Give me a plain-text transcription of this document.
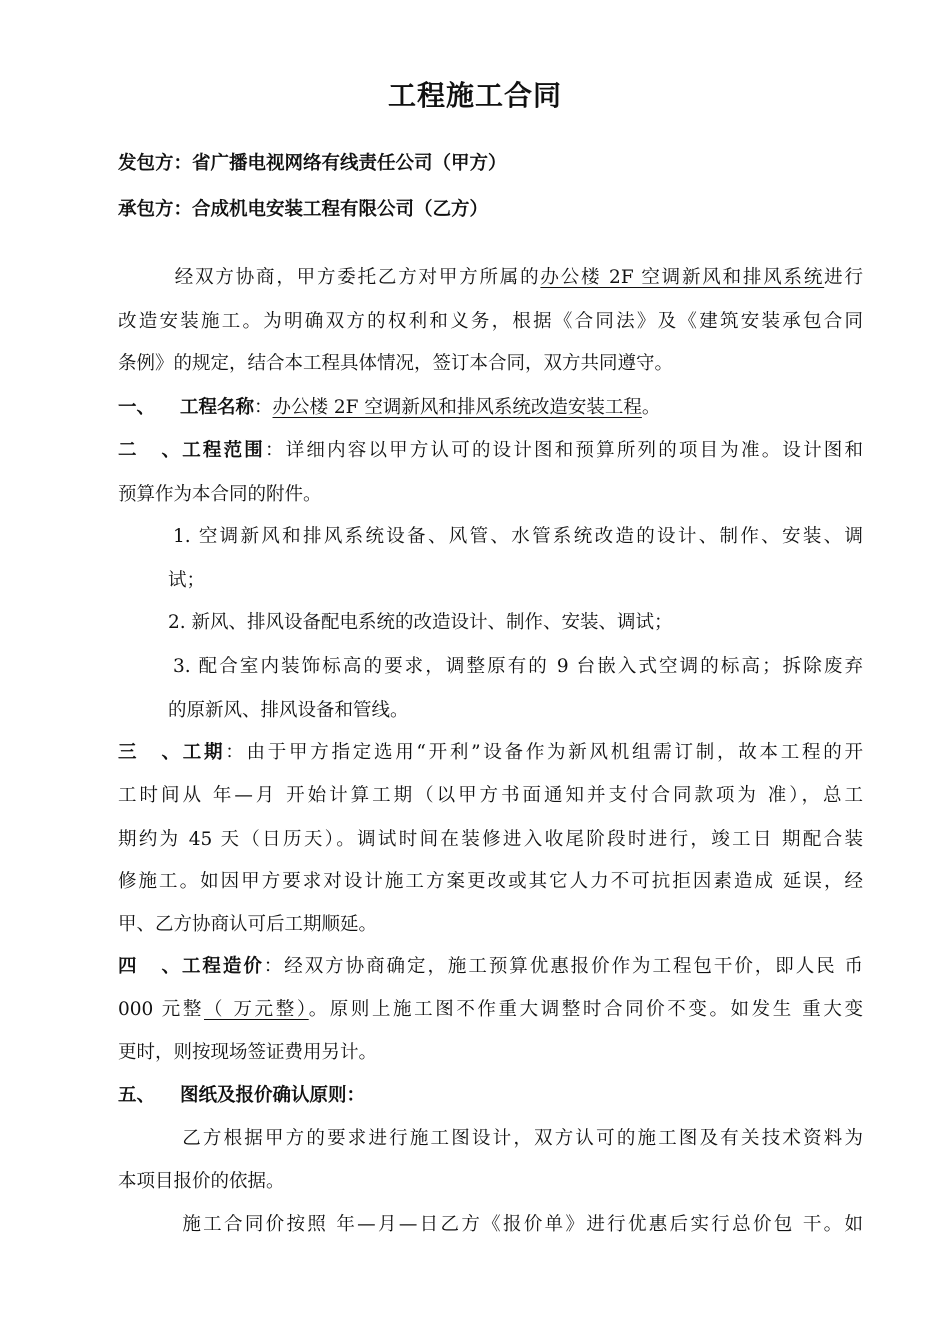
工程施工合同
发包方：省广播电视网络有线责任公司（甲方）
承包方：合成机电安装工程有限公司（乙方）
经双方协商，甲方委托乙方对甲方所属的办公楼 2F 空调新风和排风系统进行
改造安装施工。为明确双方的权利和义务，根据《合同法》及《建筑安装承包合同
条例》的规定，结合本工程具体情况，签订本合同，双方共同遵守。
一、 工程名称：办公楼 2F 空调新风和排风系统改造安装工程。
二、工程范围：详细内容以甲方认可的设计图和预算所列的项目为准。设计图和
预算作为本合同的附件。
1. 空调新风和排风系统设备、风管、水管系统改造的设计、制作、安装、调
试；
2. 新风、排风设备配电系统的改造设计、制作、安装、调试；
3. 配合室内装饰标高的要求，调整原有的 9 台嵌入式空调的标高；拆除废弃
的原新风、排风设备和管线。
三、工期：由于甲方指定选用“开利”设备作为新风机组需订制，故本工程的开
工时间从 年—月 开始计算工期（以甲方书面通知并支付合同款项为 准），总工
期约为 45 天（日历天）。调试时间在装修进入收尾阶段时进行，竣工日 期配合装
修施工。如因甲方要求对设计施工方案更改或其它人力不可抗拒因素造成 延误，经
甲、乙方协商认可后工期顺延。
四、工程造价：经双方协商确定，施工预算优惠报价作为工程包干价，即人民 币
000 元整（ 万元整）。原则上施工图不作重大调整时合同价不变。如发生 重大变
更时，则按现场签证费用另计。
五、 图纸及报价确认原则：
乙方根据甲方的要求进行施工图设计，双方认可的施工图及有关技术资料为
本项目报价的依据。
施工合同价按照 年—月—日乙方《报价单》进行优惠后实行总价包 干。如
